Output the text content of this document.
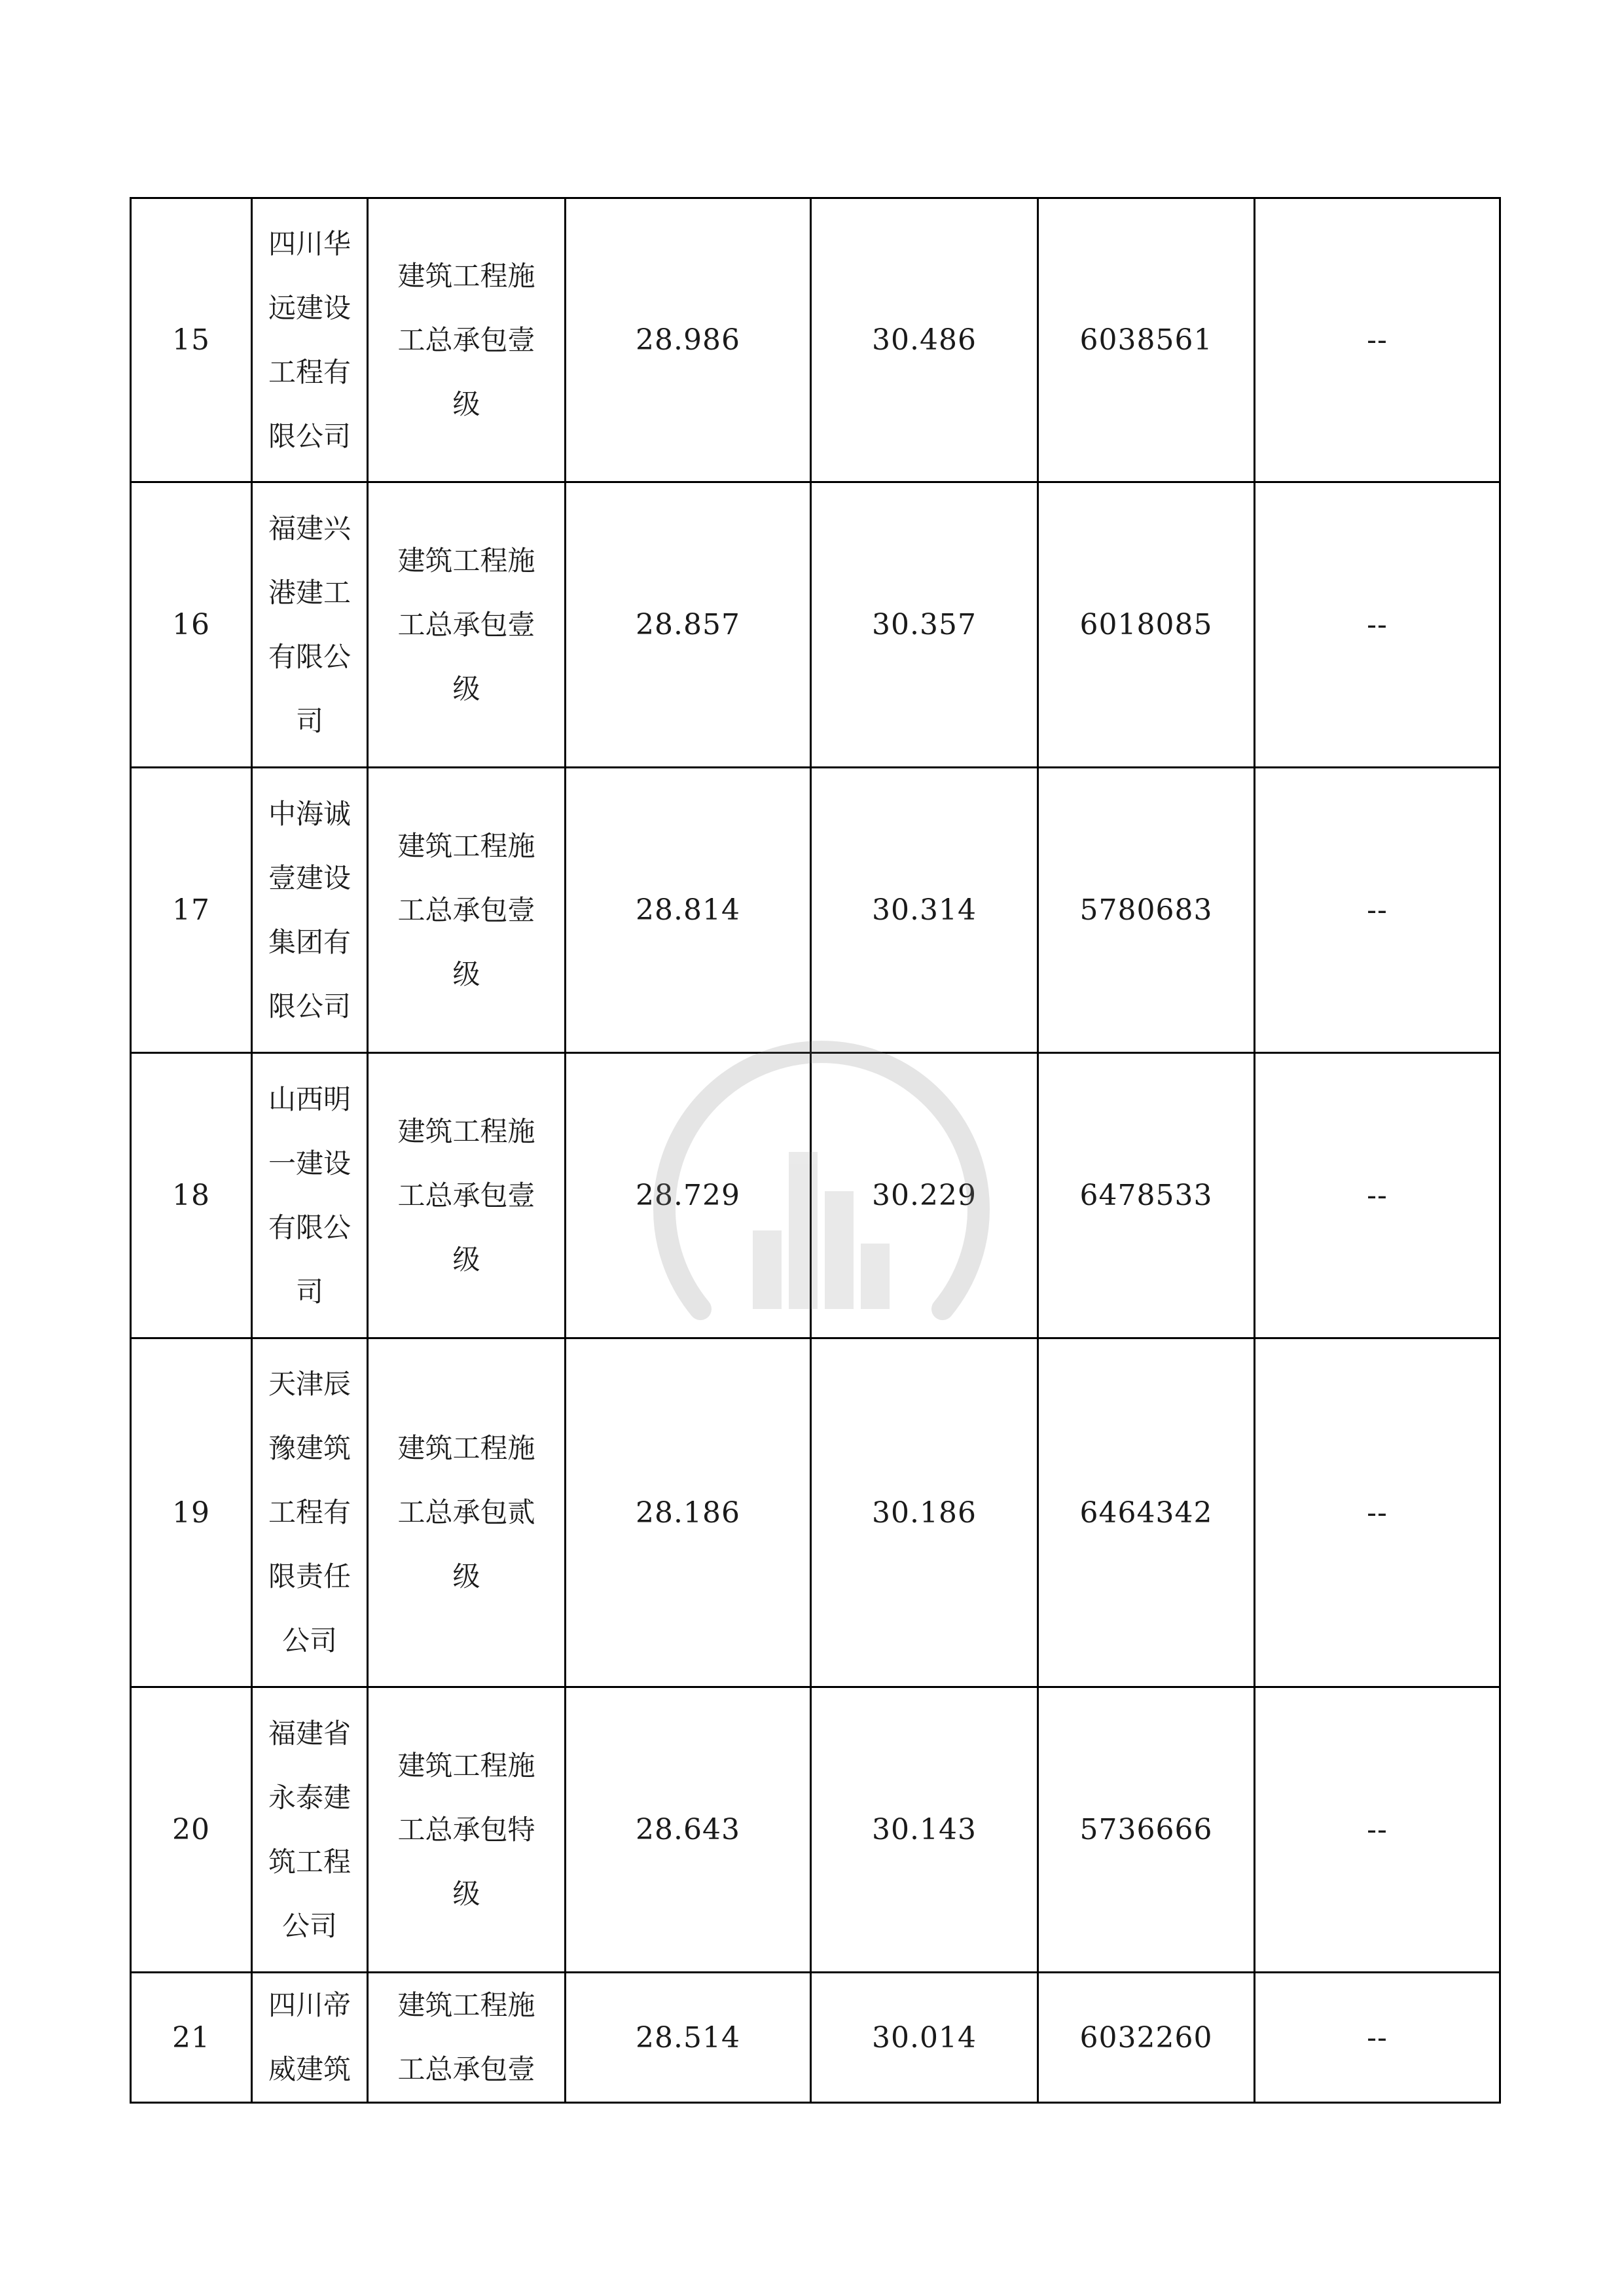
15	四川华远建设工程有限公司	建筑工程施工总承包壹级	28.986	30.486	6038561	--
16	福建兴港建工有限公司	建筑工程施工总承包壹级	28.857	30.357	6018085	--
17	中海诚壹建设集团有限公司	建筑工程施工总承包壹级	28.814	30.314	5780683	--
18	山西明一建设有限公司	建筑工程施工总承包壹级	28.729	30.229	6478533	--
19	天津辰豫建筑工程有限责任公司	建筑工程施工总承包贰级	28.186	30.186	6464342	--
20	福建省永泰建筑工程公司	建筑工程施工总承包特级	28.643	30.143	5736666	--
21	四川帝威建筑	建筑工程施工总承包壹	28.514	30.014	6032260	--
